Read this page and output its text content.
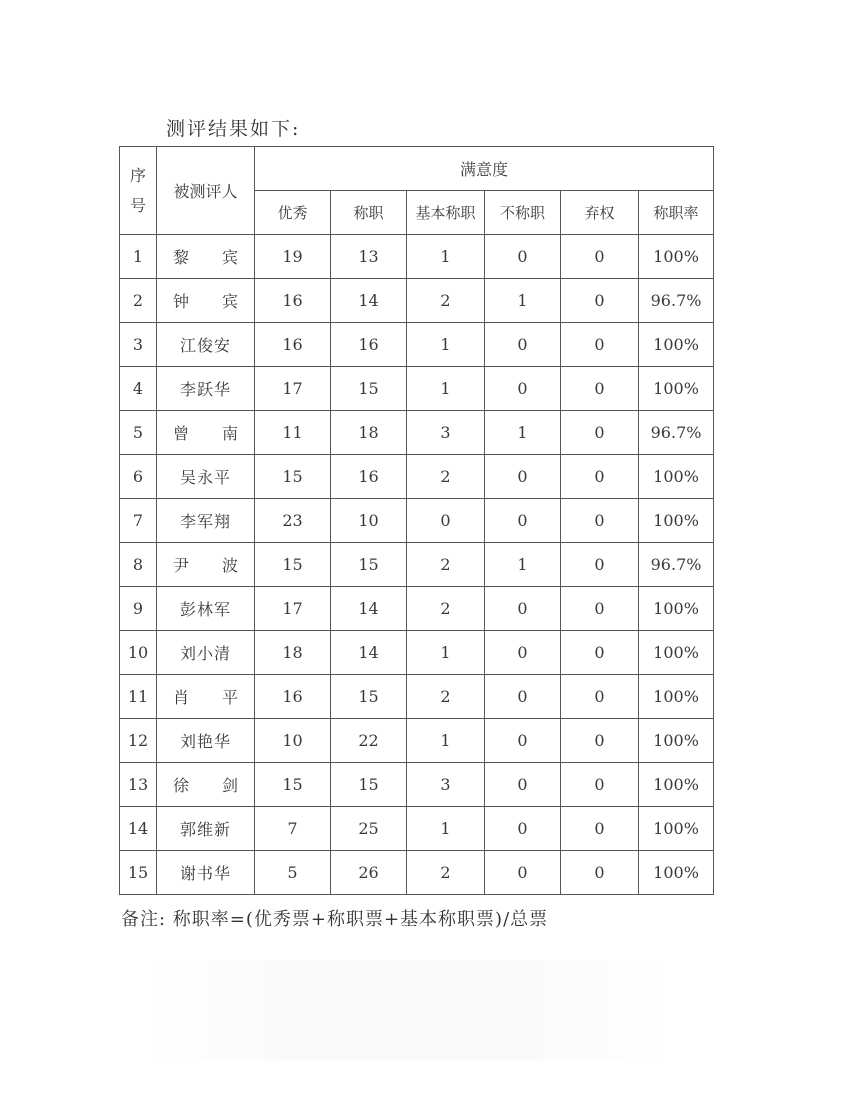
测评结果如下:
序
号	被测评人	满意度					
		优秀	称职	基本称职	不称职	弃权	称职率
1	黎 宾	19	13	1	0	0	100%
2	钟 宾	16	14	2	1	0	96.7%
3	江俊安	16	16	1	0	0	100%
4	李跃华	17	15	1	0	0	100%
5	曾 南	11	18	3	1	0	96.7%
6	吴永平	15	16	2	0	0	100%
7	李军翔	23	10	0	0	0	100%
8	尹 波	15	15	2	1	0	96.7%
9	彭林军	17	14	2	0	0	100%
10	刘小清	18	14	1	0	0	100%
11	肖 平	16	15	2	0	0	100%
12	刘艳华	10	22	1	0	0	100%
13	徐 剑	15	15	3	0	0	100%
14	郭维新	7	25	1	0	0	100%
15	谢书华	5	26	2	0	0	100%
备注: 称职率=(优秀票+称职票+基本称职票)/总票
